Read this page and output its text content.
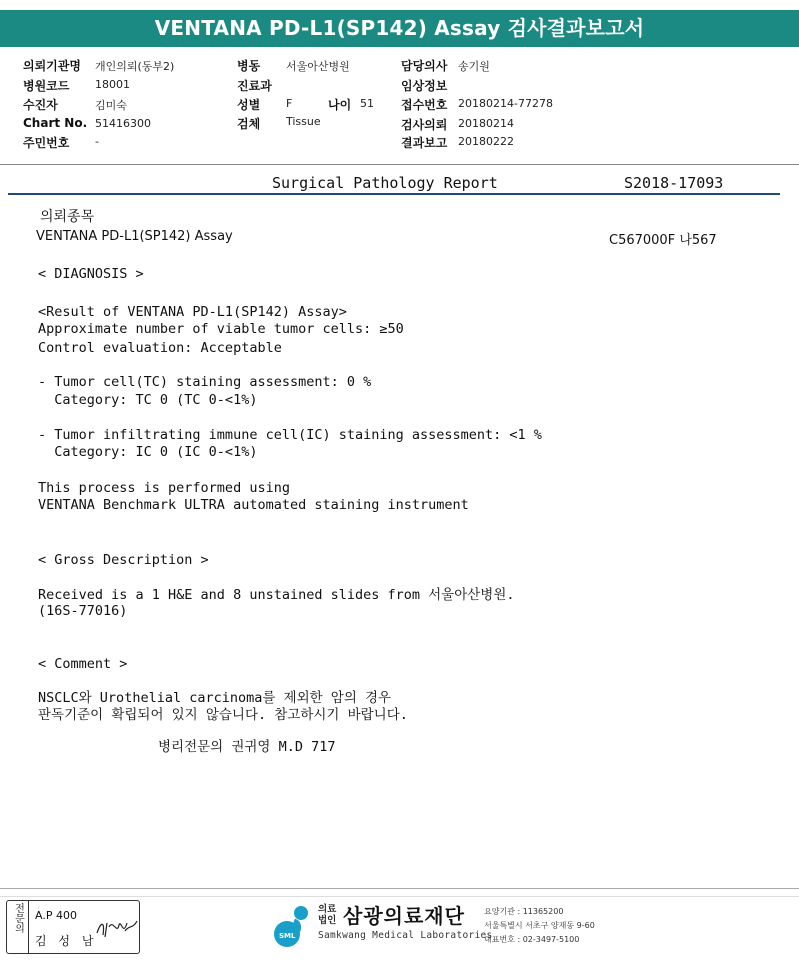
VENTANA PD-L1(SP142) Assay 검사결과보고서
의뢰기관명 개인의뢰(동부2)
병원코드 18001
수진자	김미숙
Chart No. 51416300
주민번호 -
병동 서울아산병원
진료과
성별 F	나이 51
검체 Tissue
담당의사 송기원
임상정보
접수번호 20180214-77278
검사의뢰 20180214
결과보고 20180222
Surgical Pathology Report	S2018-17093
의뢰종목
VENTANA PD-L1(SP142) Assay	C567000F 나567
< DIAGNOSIS >
<Result of VENTANA PD-L1(SP142) Assay>
Approximate number of viable tumor cells: ≥50
Control evaluation: Acceptable
- Tumor cell(TC) staining assessment: 0 %
Category: TC 0 (TC 0-<1%)
- Tumor infiltrating immune cell(IC) staining assessment: <1 %
Category: IC 0 (IC 0-<1%)
This process is performed using
VENTANA Benchmark ULTRA automated staining instrument
< Gross Description >
Received is a 1 H&E and 8 unstained slides from 서울아산병원.
(16S-77016)
< Comment >
NSCLC와 Urothelial carcinoma를 제외한 암의 경우
판독기준이 확립되어 있지 않습니다. 참고하시기 바랍니다.
병리전문의 권귀영 M.D 717
전문의	A.P 400
김 성 남	SML
의료
법인 삼광의료재단
Samkwang Medical Laboratories
요양기관 : 11365200
서울특별시 서초구 양재동 9-60
대표번호 : 02-3497-5100
